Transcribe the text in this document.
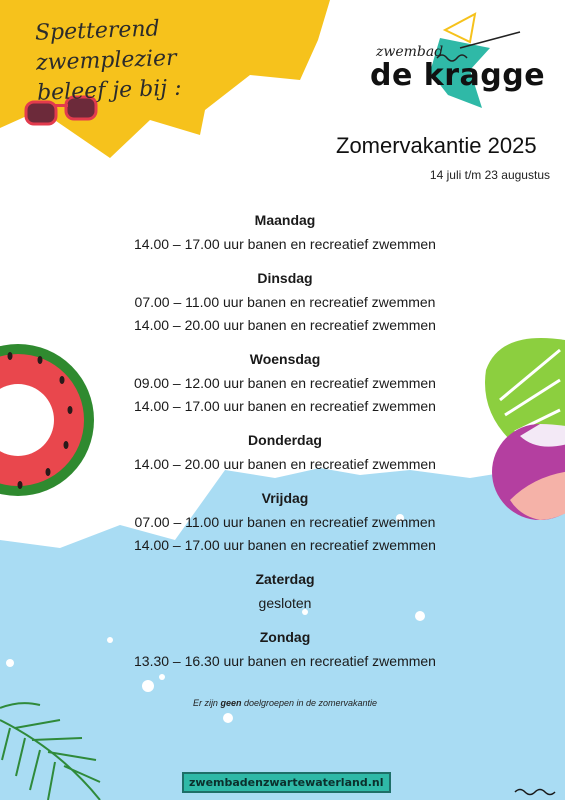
Spetterend zwemplezier
beleef je bij :
zwembad
de kragge
Zomervakantie 2025
14 juli t/m 23 augustus
Maandag
14.00 – 17.00 uur banen en recreatief zwemmen
Dinsdag
07.00 – 11.00 uur banen en recreatief zwemmen
14.00 – 20.00 uur banen en recreatief zwemmen
Woensdag
09.00 – 12.00 uur banen en recreatief zwemmen
14.00 – 17.00 uur banen en recreatief zwemmen
Donderdag
14.00 – 20.00 uur banen en recreatief zwemmen
Vrijdag
07.00 – 11.00 uur banen en recreatief zwemmen
14.00 – 17.00 uur banen en recreatief zwemmen
Zaterdag
gesloten
Zondag
13.30 – 16.30 uur banen en recreatief zwemmen
Er zijn geen doelgroepen in de zomervakantie
zwembadenzwartewaterland.nl
